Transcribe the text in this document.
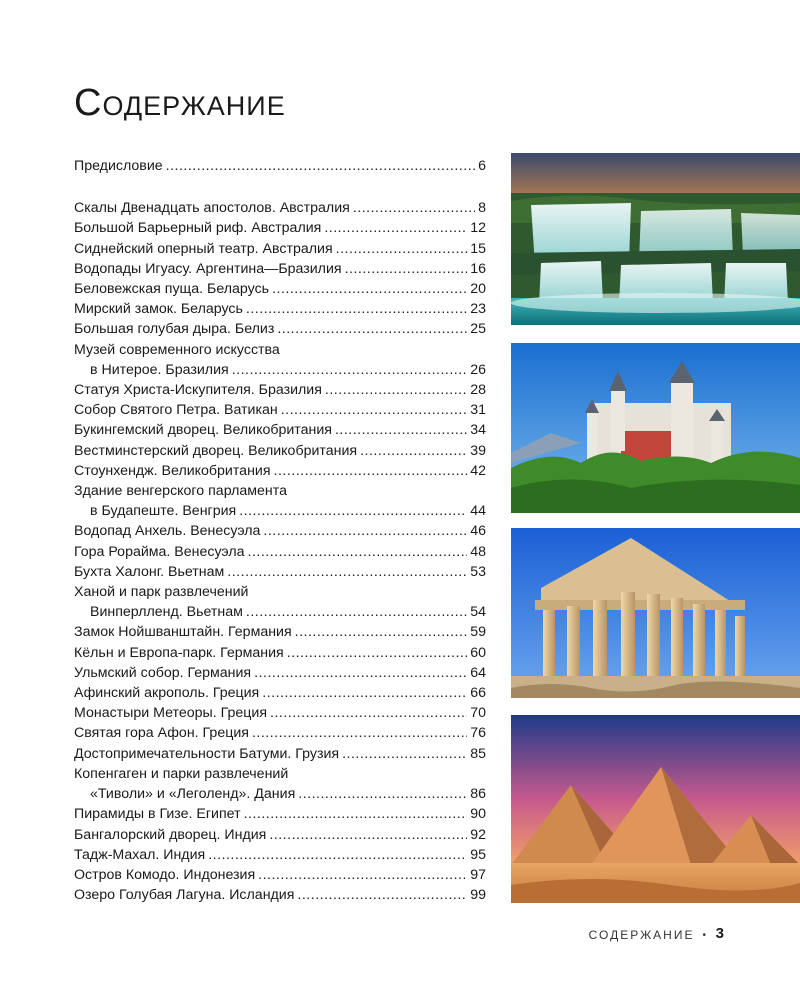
Содержание
Предисловие .....	6
Скалы Двенадцать апостолов. Австралия .....	8
Большой Барьерный риф. Австралия .....	12
Сиднейский оперный театр. Австралия .....	15
Водопады Игуасу. Аргентина—Бразилия .....	16
Беловежская пуща. Беларусь .....	20
Мирский замок. Беларусь .....	23
Большая голубая дыра. Белиз .....	25
Музей современного искусства
в Нитерое. Бразилия .....	26
Статуя Христа-Искупителя. Бразилия .....	28
Собор Святого Петра. Ватикан .....	31
Букингемский дворец. Великобритания .....	34
Вестминстерский дворец. Великобритания .....	39
Стоунхендж. Великобритания .....	42
Здание венгерского парламента
в Будапеште. Венгрия .....	44
Водопад Анхель. Венесуэла .....	46
Гора Рорайма. Венесуэла .....	48
Бухта Халонг. Вьетнам .....	53
Ханой и парк развлечений
Винперлленд. Вьетнам .....	54
Замок Нойшванштайн. Германия .....	59
Кёльн и Европа-парк. Германия .....	60
Ульмский собор. Германия .....	64
Афинский акрополь. Греция .....	66
Монастыри Метеоры. Греция .....	70
Святая гора Афон. Греция .....	76
Достопримечательности Батуми. Грузия .....	85
Копенгаген и парки развлечений
«Тиволи» и «Леголенд». Дания .....	86
Пирамиды в Гизе. Египет .....	90
Бангалорский дворец. Индия .....	92
Тадж-Махал. Индия .....	95
Остров Комодо. Индонезия .....	97
Озеро Голубая Лагуна. Исландия .....	99
СОДЕРЖАНИЕ • 3
